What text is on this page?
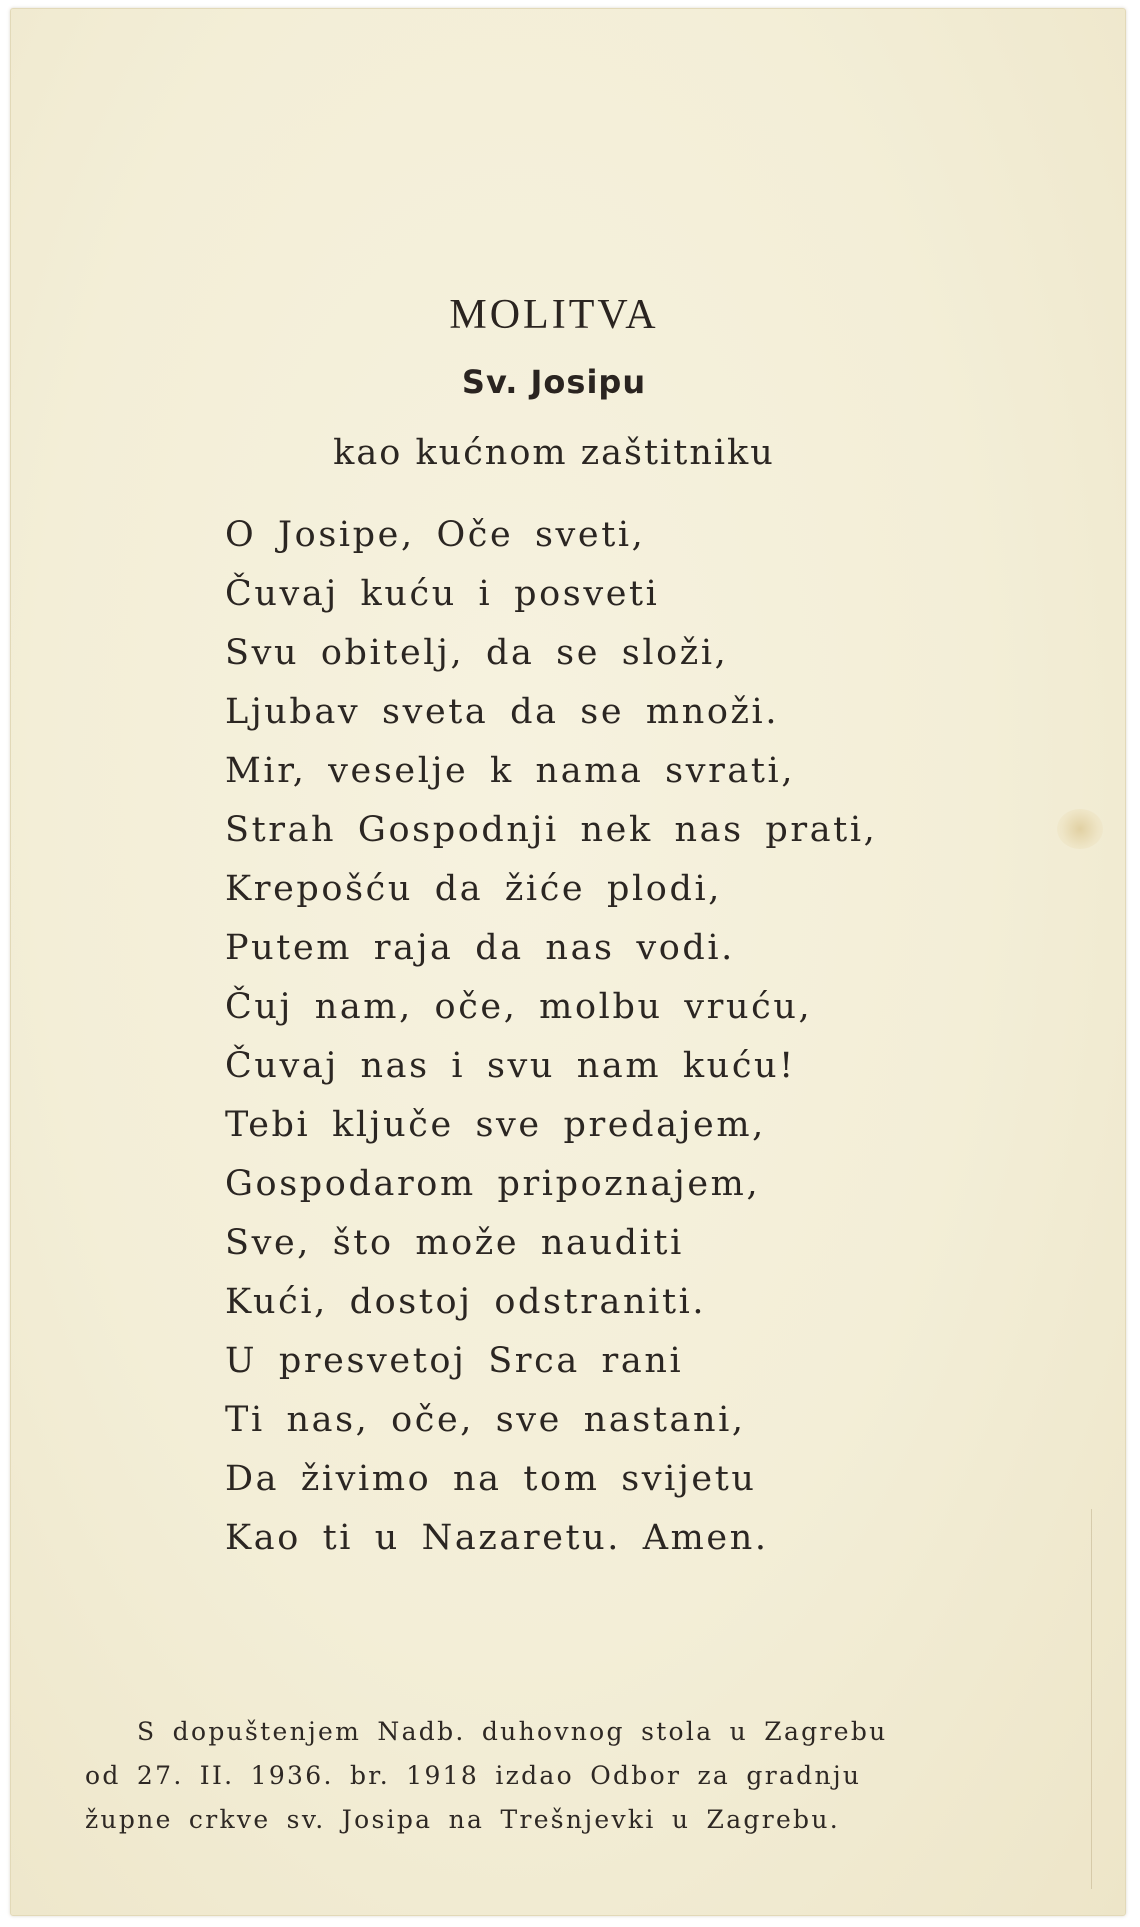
MOLITVA
Sv. Josipu
kao kućnom zaštitniku
O Josipe, Oče sveti,
Čuvaj kuću i posveti
Svu obitelj, da se složi,
Ljubav sveta da se množi.
Mir, veselje k nama svrati,
Strah Gospodnji nek nas prati,
Krepošću da žiće plodi,
Putem raja da nas vodi.
Čuj nam, oče, molbu vruću,
Čuvaj nas i svu nam kuću!
Tebi ključe sve predajem,
Gospodarom pripoznajem,
Sve, što može nauditi
Kući, dostoj odstraniti.
U presvetoj Srca rani
Ti nas, oče, sve nastani,
Da živimo na tom svijetu
Kao ti u Nazaretu. Amen.
S dopuštenjem Nadb. duhovnog stola u Zagrebu
od 27. II. 1936. br. 1918 izdao Odbor za gradnju
župne crkve sv. Josipa na Trešnjevki u Zagrebu.
